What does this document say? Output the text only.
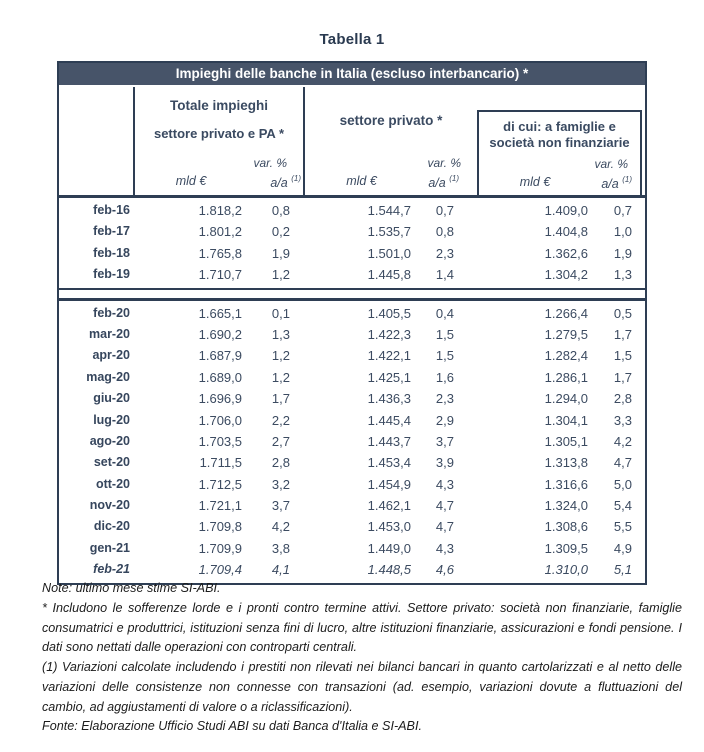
Tabella 1
Impieghi delle banche in Italia (escluso interbancario) *
Totale impieghi
settore privato e PA *
var. %
mld €	a/a $^{(1)}$
settore privato *
var. %
mld €	a/a $^{(1)}$
di cui: a famiglie e
società non finanziarie
var. %
mld €	a/a $^{(1)}$
feb-16	1.818,2	0,8	1.544,7	0,7	1.409,0	0,7
feb-17	1.801,2	0,2	1.535,7	0,8	1.404,8	1,0
feb-18	1.765,8	1,9	1.501,0	2,3	1.362,6	1,9
feb-19	1.710,7	1,2	1.445,8	1,4	1.304,2	1,3
feb-20	1.665,1	0,1	1.405,5	0,4	1.266,4	0,5
mar-20	1.690,2	1,3	1.422,3	1,5	1.279,5	1,7
apr-20	1.687,9	1,2	1.422,1	1,5	1.282,4	1,5
mag-20	1.689,0	1,2	1.425,1	1,6	1.286,1	1,7
giu-20	1.696,9	1,7	1.436,3	2,3	1.294,0	2,8
lug-20	1.706,0	2,2	1.445,4	2,9	1.304,1	3,3
ago-20	1.703,5	2,7	1.443,7	3,7	1.305,1	4,2
set-20	1.711,5	2,8	1.453,4	3,9	1.313,8	4,7
ott-20	1.712,5	3,2	1.454,9	4,3	1.316,6	5,0
nov-20	1.721,1	3,7	1.462,1	4,7	1.324,0	5,4
dic-20	1.709,8	4,2	1.453,0	4,7	1.308,6	5,5
gen-21	1.709,9	3,8	1.449,0	4,3	1.309,5	4,9
feb-21	1.709,4	4,1	1.448,5	4,6	1.310,0	5,1
Note: ultimo mese stime SI-ABI.
* Includono le sofferenze lorde e i pronti contro termine attivi. Settore privato: società non finanziarie, famiglie consumatrici e produttrici, istituzioni senza fini di lucro, altre istituzioni finanziarie, assicurazioni e fondi pensione. I dati sono nettati dalle operazioni con controparti centrali.
(1) Variazioni calcolate includendo i prestiti non rilevati nei bilanci bancari in quanto cartolarizzati e al netto delle variazioni delle consistenze non connesse con transazioni (ad. esempio, variazioni dovute a fluttuazioni del cambio, ad aggiustamenti di valore o a riclassificazioni).
Fonte: Elaborazione Ufficio Studi ABI su dati Banca d'Italia e SI-ABI.
